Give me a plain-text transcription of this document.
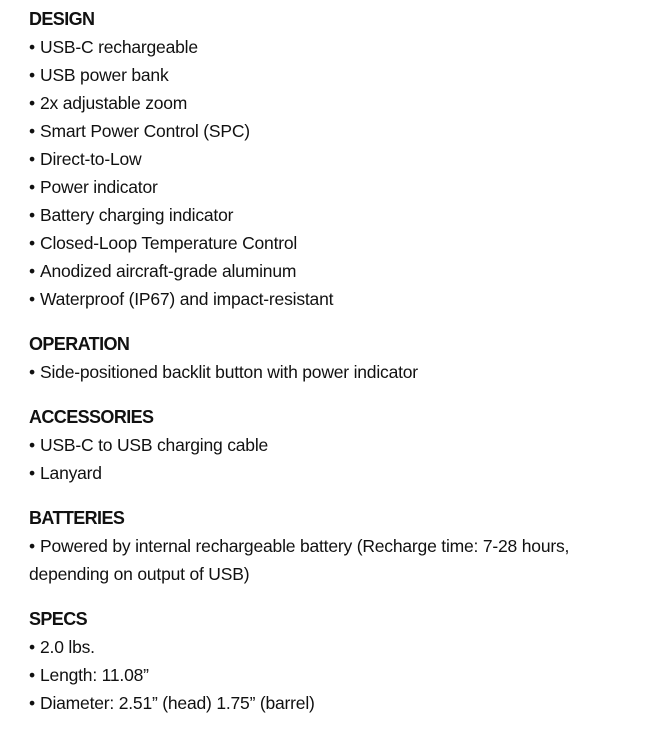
DESIGN
• USB-C rechargeable
• USB power bank
• 2x adjustable zoom
• Smart Power Control (SPC)
• Direct-to-Low
• Power indicator
• Battery charging indicator
• Closed-Loop Temperature Control
• Anodized aircraft-grade aluminum
• Waterproof (IP67) and impact-resistant
OPERATION
• Side-positioned backlit button with power indicator
ACCESSORIES
• USB-C to USB charging cable
• Lanyard
BATTERIES
• Powered by internal rechargeable battery (Recharge time: 7-28 hours, depending on output of USB)
SPECS
• 2.0 lbs.
• Length: 11.08”
• Diameter: 2.51” (head) 1.75” (barrel)
